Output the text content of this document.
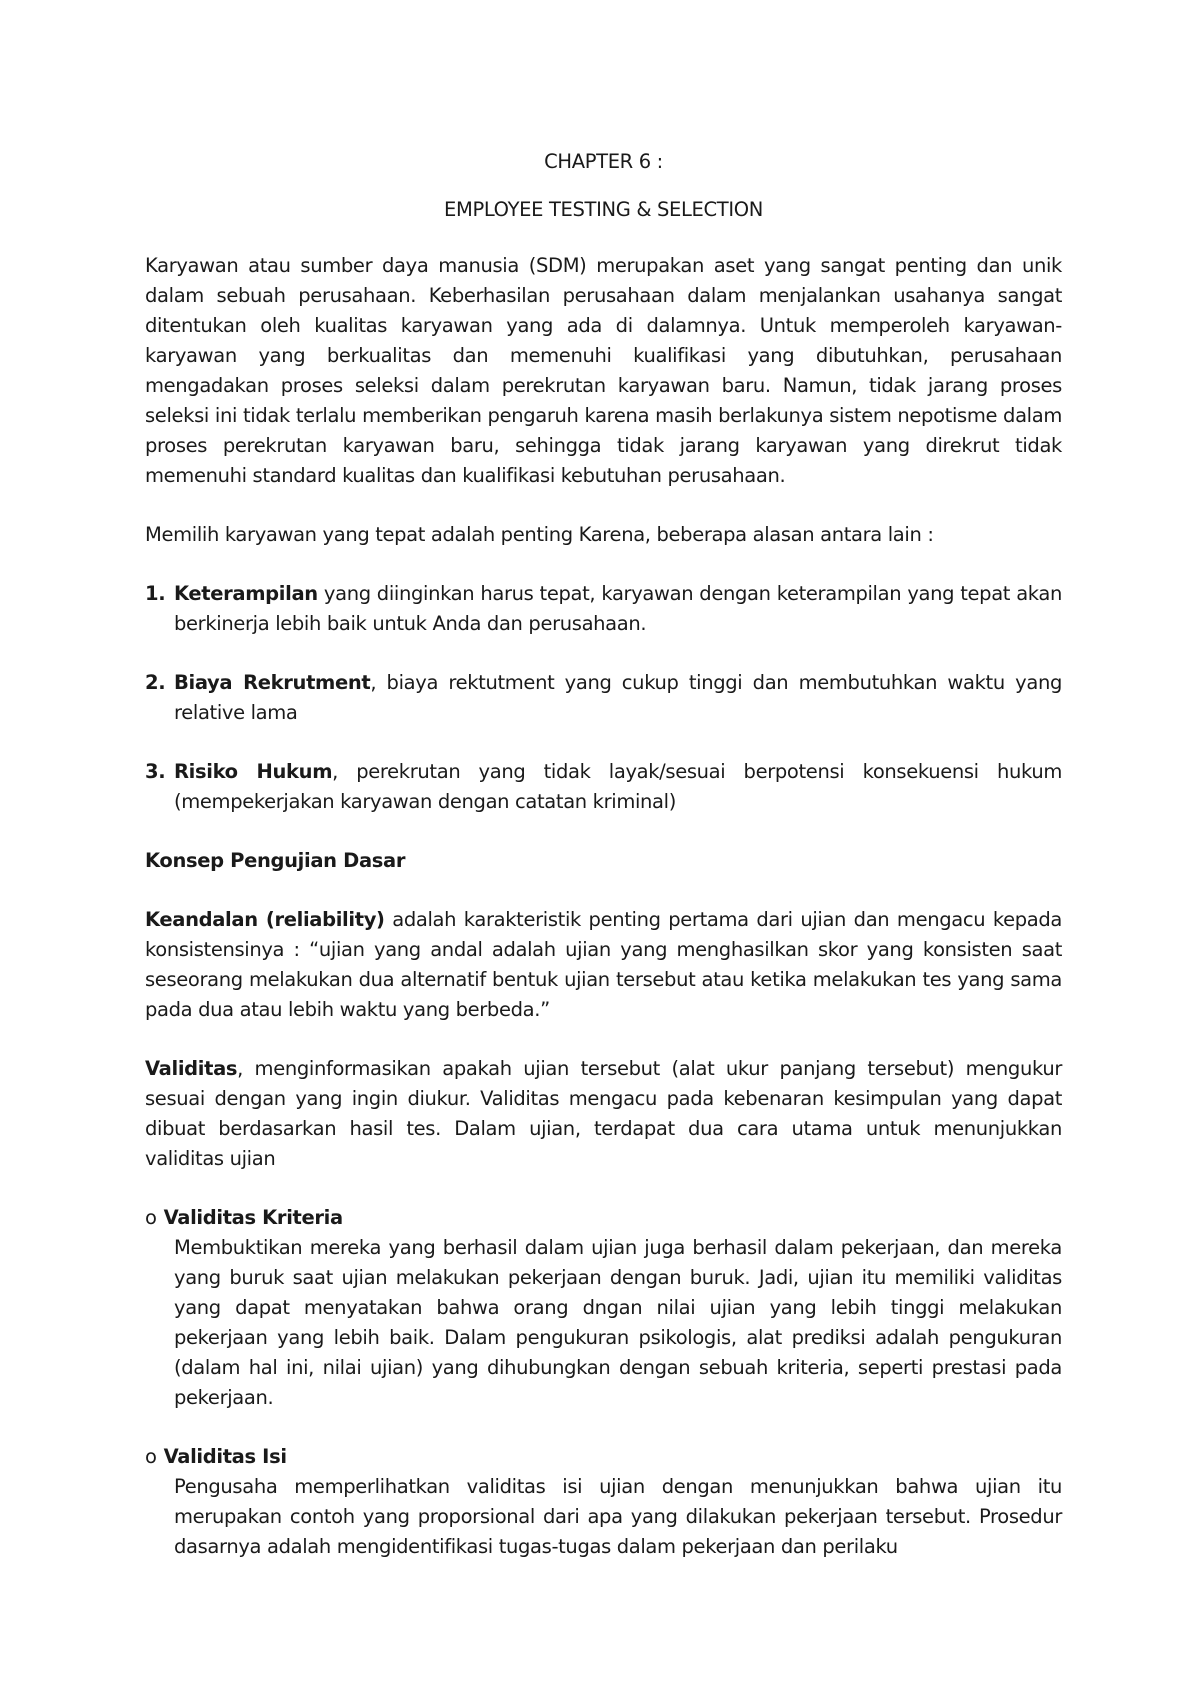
CHAPTER 6 :
EMPLOYEE TESTING & SELECTION

Karyawan atau sumber daya manusia (SDM) merupakan aset yang sangat penting dan unik dalam sebuah perusahaan. Keberhasilan perusahaan dalam menjalankan usahanya sangat ditentukan oleh kualitas karyawan yang ada di dalamnya. Untuk memperoleh karyawan-karyawan yang berkualitas dan memenuhi kualifikasi yang dibutuhkan, perusahaan mengadakan proses seleksi dalam perekrutan karyawan baru. Namun, tidak jarang proses seleksi ini tidak terlalu memberikan pengaruh karena masih berlakunya sistem nepotisme dalam proses perekrutan karyawan baru, sehingga tidak jarang karyawan yang direkrut tidak memenuhi standard kualitas dan kualifikasi kebutuhan perusahaan.

Memilih karyawan yang tepat adalah penting Karena, beberapa alasan antara lain :

1. Keterampilan yang diinginkan harus tepat, karyawan dengan keterampilan yang tepat akan berkinerja lebih baik untuk Anda dan perusahaan.
2. Biaya Rekrutment, biaya rektutment yang cukup tinggi dan membutuhkan waktu yang relative lama
3. Risiko Hukum, perekrutan yang tidak layak/sesuai berpotensi konsekuensi hukum (mempekerjakan karyawan dengan catatan kriminal)
Konsep Pengujian Dasar

Keandalan (reliability) adalah karakteristik penting pertama dari ujian dan mengacu kepada konsistensinya : “ujian yang andal adalah ujian yang menghasilkan skor yang konsisten saat seseorang melakukan dua alternatif bentuk ujian tersebut atau ketika melakukan tes yang sama pada dua atau lebih waktu yang berbeda.”

Validitas, menginformasikan apakah ujian tersebut (alat ukur panjang tersebut) mengukur sesuai dengan yang ingin diukur. Validitas mengacu pada kebenaran kesimpulan yang dapat dibuat berdasarkan hasil tes. Dalam ujian, terdapat dua cara utama untuk menunjukkan validitas ujian

o Validitas Kriteria

Membuktikan mereka yang berhasil dalam ujian juga berhasil dalam pekerjaan, dan mereka yang buruk saat ujian melakukan pekerjaan dengan buruk. Jadi, ujian itu memiliki validitas yang dapat menyatakan bahwa orang dngan nilai ujian yang lebih tinggi melakukan pekerjaan yang lebih baik. Dalam pengukuran psikologis, alat prediksi adalah pengukuran (dalam hal ini, nilai ujian) yang dihubungkan dengan sebuah kriteria, seperti prestasi pada pekerjaan.

o Validitas Isi

Pengusaha memperlihatkan validitas isi ujian dengan menunjukkan bahwa ujian itu merupakan contoh yang proporsional dari apa yang dilakukan pekerjaan tersebut. Prosedur dasarnya adalah mengidentifikasi tugas-tugas dalam pekerjaan dan perilaku
